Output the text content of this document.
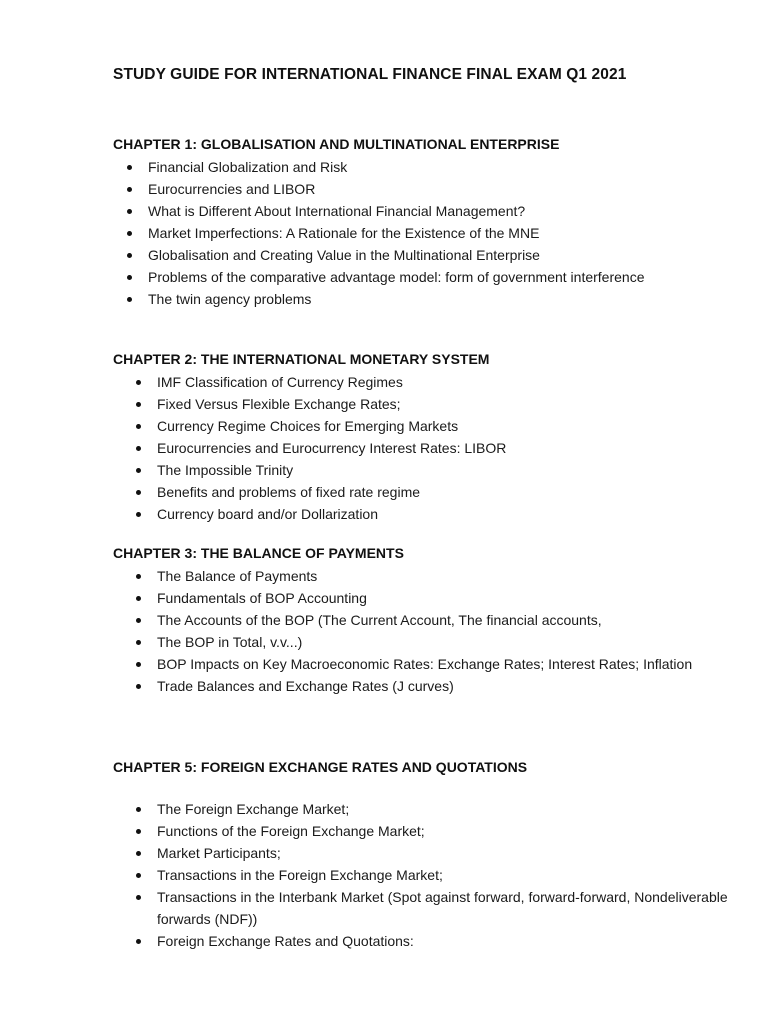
STUDY GUIDE FOR INTERNATIONAL FINANCE FINAL EXAM Q1 2021
CHAPTER 1: GLOBALISATION AND MULTINATIONAL ENTERPRISE
Financial Globalization and Risk
Eurocurrencies and LIBOR
What is Different About International Financial Management?
Market Imperfections: A Rationale for the Existence of the MNE
Globalisation and Creating Value in the Multinational Enterprise
Problems of the comparative advantage model: form of government interference
The twin agency problems
CHAPTER 2: THE INTERNATIONAL MONETARY SYSTEM
IMF Classification of Currency Regimes
Fixed Versus Flexible Exchange Rates;
Currency Regime Choices for Emerging Markets
Eurocurrencies and Eurocurrency Interest Rates: LIBOR
The Impossible Trinity
Benefits and problems of fixed rate regime
Currency board and/or Dollarization
CHAPTER 3: THE BALANCE OF PAYMENTS
The Balance of Payments
Fundamentals of BOP Accounting
The Accounts of the BOP (The Current Account, The financial accounts,
The BOP in Total, v.v...)
BOP Impacts on Key Macroeconomic Rates: Exchange Rates; Interest Rates; Inflation
Trade Balances and Exchange Rates (J curves)
CHAPTER 5: FOREIGN EXCHANGE RATES AND QUOTATIONS
The Foreign Exchange Market;
Functions of the Foreign Exchange Market;
Market Participants;
Transactions in the Foreign Exchange Market;
Transactions in the Interbank Market (Spot against forward, forward-forward, Nondeliverable forwards (NDF))
Foreign Exchange Rates and Quotations:
